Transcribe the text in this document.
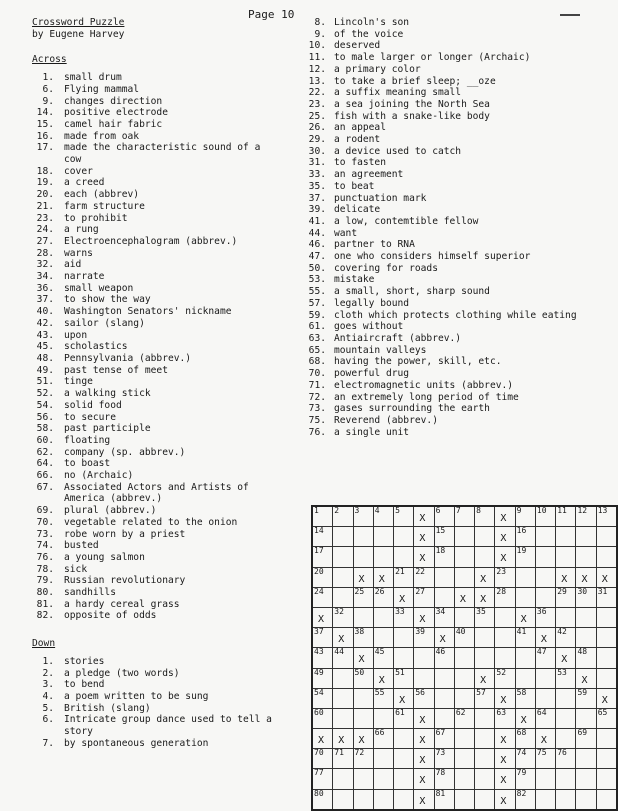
Page 10
Crossword Puzzle
by Eugene Harvey
Across
1.	small drum
6.	Flying mammal
9.	changes direction
14.	positive electrode
15.	camel hair fabric
16.	made from oak
17.	made the characteristic sound of a cow
18.	cover
19.	a creed
20.	each (abbrev)
21.	farm structure
23.	to prohibit
24.	a rung
27.	Electroencephalogram (abbrev.)
28.	warns
32.	aid
34.	narrate
36.	small weapon
37.	to show the way
40.	Washington Senators' nickname
42.	sailor (slang)
43.	upon
45.	scholastics
48.	Pennsylvania (abbrev.)
49.	past tense of meet
51.	tinge
52.	a walking stick
54.	solid food
56.	to secure
58.	past participle
60.	floating
62.	company (sp. abbrev.)
64.	to boast
66.	no (Archaic)
67.	Associated Actors and Artists of America (abbrev.)
69.	plural (abbrev.)
70.	vegetable related to the onion
73.	robe worn by a priest
74.	busted
76.	a young salmon
78.	sick
79.	Russian revolutionary
80.	sandhills
81.	a hardy cereal grass
82.	opposite of odds
Down
1.	stories
2.	a pledge (two words)
3.	to bend
4.	a poem written to be sung
5.	British (slang)
6.	Intricate group dance used to tell a story
7.	by spontaneous generation
8. Lincoln's son
9. of the voice
10. deserved
11. to male larger or longer (Archaic)
12. a primary color
13. to take a brief sleep; __oze
22. a suffix meaning small
23. a sea joining the North Sea
25. fish with a snake-like body
26. an appeal
29. a rodent
30. a device used to catch
31. to fasten
33. an agreement
35. to beat
37. punctuation mark
39. delicate
41. a low, contemtible fellow
44. want
46. partner to RNA
47. one who considers himself superior
50. covering for roads
53. mistake
55. a small, short, sharp sound
57. legally bound
59. cloth which protects clothing while eating
61. goes without
63. Antiaircraft (abbrev.)
65. mountain valleys
68. having the power, skill, etc.
70. powerful drug
71. electromagnetic units (abbrev.)
72. an extremely long period of time
73. gases surrounding the earth
75. Reverend (abbrev.)
76. a single unit
1	2	3	4	5	X	6	7	8	X	9	10	11	12	13

14					X	15			X	16				

17					X	18			X	19				

20		X	X	21	22			X	23			X	X	X

24		25	26	X	27		X	X	28			29	30	31

X	32			33	X	34		35		X	36			

37	X	38			39	X	40			41	X	42		

43	44	X	45			46					47	X	48	

49		50	X	51				X	52			53	X	

54			55	X	56			57	X	58			59	X

60				61	X		62		63	X	64			65

X	X	X	66		X	67			X	68	X		69	

70	71	72			X	73			X	74	75	76		

77					X	78			X	79				

80					X	81			X	82				
